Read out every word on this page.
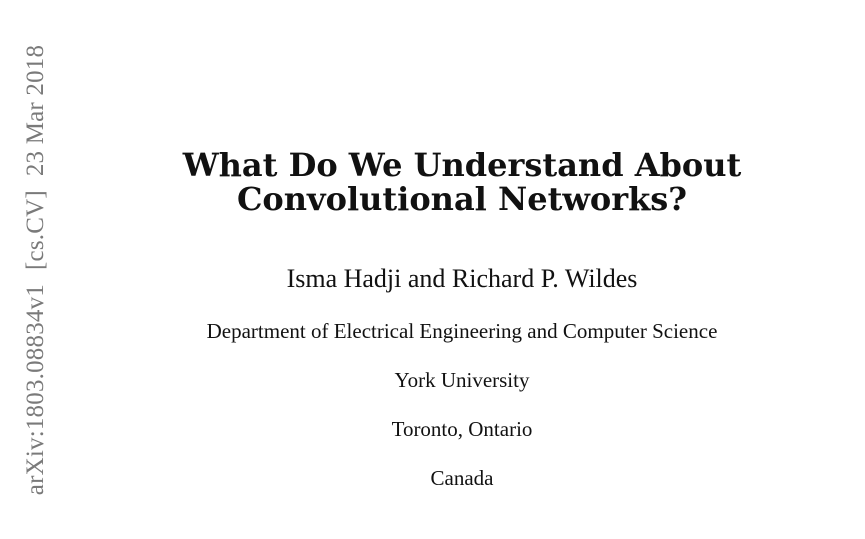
arXiv:1803.08834v1[cs.CV]23 Mar 2018	What Do We Understand About
Convolutional Networks?
Isma Hadji and Richard P. Wildes
Department of Electrical Engineering and Computer Science
York University
Toronto, Ontario
Canada
